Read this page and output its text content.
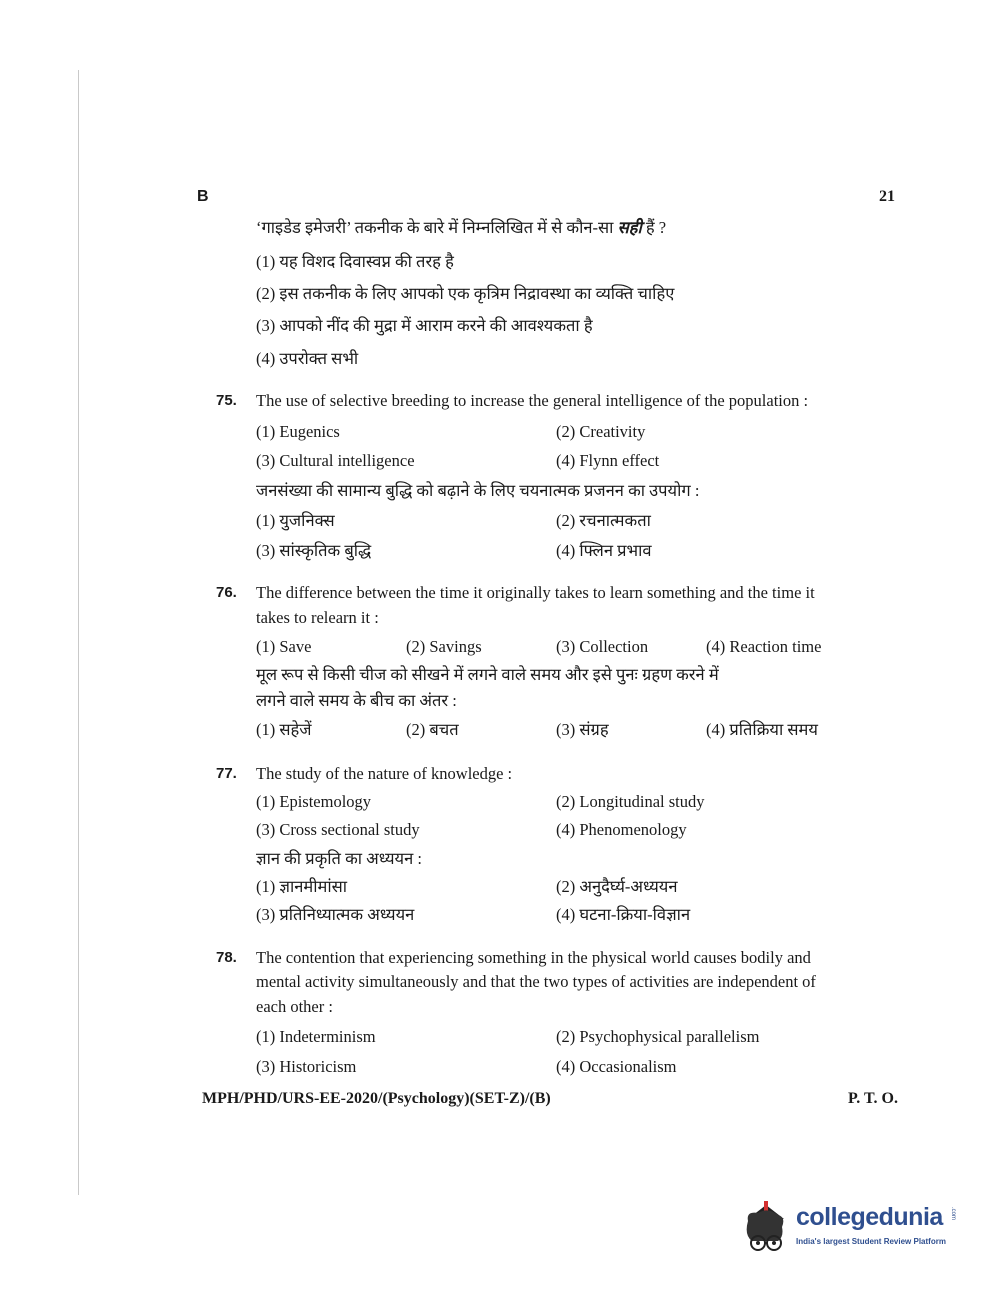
B	21
‘गाइडेड इमेजरी’ तकनीक के बारे में निम्नलिखित में से कौन-सा सही हैं ?
(1) यह विशद दिवास्वप्न की तरह है
(2) इस तकनीक के लिए आपको एक कृत्रिम निद्रावस्था का व्यक्ति चाहिए
(3) आपको नींद की मुद्रा में आराम करने की आवश्यकता है
(4) उपरोक्त सभी
75. The use of selective breeding to increase the general intelligence of the population :
(1) Eugenics	(2) Creativity
(3) Cultural intelligence	(4) Flynn effect
जनसंख्या की सामान्य बुद्धि को बढ़ाने के लिए चयनात्मक प्रजनन का उपयोग :
(1) युजनिक्स	(2) रचनात्मकता
(3) सांस्कृतिक बुद्धि	(4) फ्लिन प्रभाव
76. The difference between the time it originally takes to learn something and the time it
takes to relearn it :
(1) Save	(2) Savings	(3) Collection	(4) Reaction time
मूल रूप से किसी चीज को सीखने में लगने वाले समय और इसे पुनः ग्रहण करने में
लगने वाले समय के बीच का अंतर :
(1) सहेजें	(2) बचत	(3) संग्रह	(4) प्रतिक्रिया समय
77. The study of the nature of knowledge :
(1) Epistemology	(2) Longitudinal study
(3) Cross sectional study	(4) Phenomenology
ज्ञान की प्रकृति का अध्ययन :
(1) ज्ञानमीमांसा	(2) अनुदैर्घ्य-अध्ययन
(3) प्रतिनिध्यात्मक अध्ययन	(4) घटना-क्रिया-विज्ञान
78. The contention that experiencing something in the physical world causes bodily and
mental activity simultaneously and that the two types of activities are independent of
each other :
(1) Indeterminism	(2) Psychophysical parallelism
(3) Historicism	(4) Occasionalism
MPH/PHD/URS-EE-2020/(Psychology)(SET-Z)/(B)	P. T. O.
collegedunia .com
India's largest Student Review Platform
